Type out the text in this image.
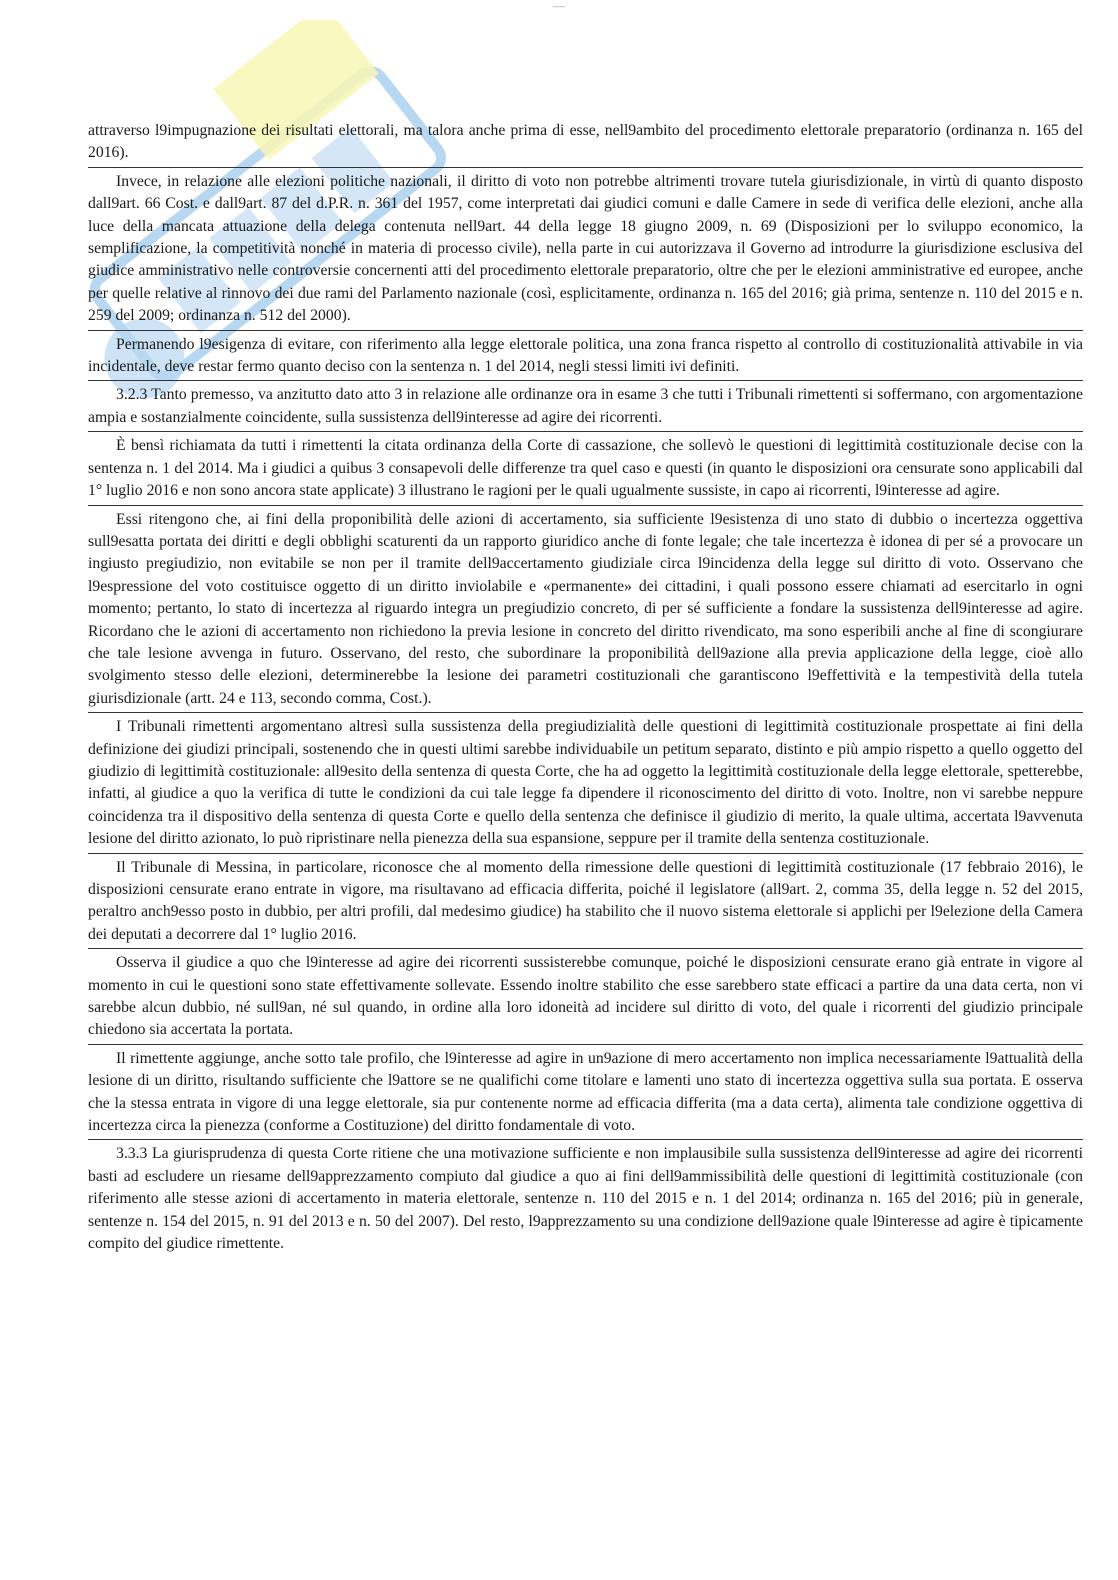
----

attraverso l9impugnazione dei risultati elettorali, ma talora anche prima di esse, nell9ambito del procedimento elettorale preparatorio (ordinanza n. 165 del 2016).

Invece, in relazione alle elezioni politiche nazionali, il diritto di voto non potrebbe altrimenti trovare tutela giurisdizionale, in virtù di quanto disposto dall9art. 66 Cost. e dall9art. 87 del d.P.R. n. 361 del 1957, come interpretati dai giudici comuni e dalle Camere in sede di verifica delle elezioni, anche alla luce della mancata attuazione della delega contenuta nell9art. 44 della legge 18 giugno 2009, n. 69 (Disposizioni per lo sviluppo economico, la semplificazione, la competitività nonché in materia di processo civile), nella parte in cui autorizzava il Governo ad introdurre la giurisdizione esclusiva del giudice amministrativo nelle controversie concernenti atti del procedimento elettorale preparatorio, oltre che per le elezioni amministrative ed europee, anche per quelle relative al rinnovo dei due rami del Parlamento nazionale (così, esplicitamente, ordinanza n. 165 del 2016; già prima, sentenze n. 110 del 2015 e n. 259 del 2009; ordinanza n. 512 del 2000).

Permanendo l9esigenza di evitare, con riferimento alla legge elettorale politica, una zona franca rispetto al controllo di costituzionalità attivabile in via incidentale, deve restar fermo quanto deciso con la sentenza n. 1 del 2014, negli stessi limiti ivi definiti.

3.2.3 Tanto premesso, va anzitutto dato atto 3 in relazione alle ordinanze ora in esame 3 che tutti i Tribunali rimettenti si soffermano, con argomentazione ampia e sostanzialmente coincidente, sulla sussistenza dell9interesse ad agire dei ricorrenti.

È bensì richiamata da tutti i rimettenti la citata ordinanza della Corte di cassazione, che sollevò le questioni di legittimità costituzionale decise con la sentenza n. 1 del 2014. Ma i giudici a quibus 3 consapevoli delle differenze tra quel caso e questi (in quanto le disposizioni ora censurate sono applicabili dal 1° luglio 2016 e non sono ancora state applicate) 3 illustrano le ragioni per le quali ugualmente sussiste, in capo ai ricorrenti, l9interesse ad agire.

Essi ritengono che, ai fini della proponibilità delle azioni di accertamento, sia sufficiente l9esistenza di uno stato di dubbio o incertezza oggettiva sull9esatta portata dei diritti e degli obblighi scaturenti da un rapporto giuridico anche di fonte legale; che tale incertezza è idonea di per sé a provocare un ingiusto pregiudizio, non evitabile se non per il tramite dell9accertamento giudiziale circa l9incidenza della legge sul diritto di voto. Osservano che l9espressione del voto costituisce oggetto di un diritto inviolabile e «permanente» dei cittadini, i quali possono essere chiamati ad esercitarlo in ogni momento; pertanto, lo stato di incertezza al riguardo integra un pregiudizio concreto, di per sé sufficiente a fondare la sussistenza dell9interesse ad agire. Ricordano che le azioni di accertamento non richiedono la previa lesione in concreto del diritto rivendicato, ma sono esperibili anche al fine di scongiurare che tale lesione avvenga in futuro. Osservano, del resto, che subordinare la proponibilità dell9azione alla previa applicazione della legge, cioè allo svolgimento stesso delle elezioni, determinerebbe la lesione dei parametri costituzionali che garantiscono l9effettività e la tempestività della tutela giurisdizionale (artt. 24 e 113, secondo comma, Cost.).

I Tribunali rimettenti argomentano altresì sulla sussistenza della pregiudizialità delle questioni di legittimità costituzionale prospettate ai fini della definizione dei giudizi principali, sostenendo che in questi ultimi sarebbe individuabile un petitum separato, distinto e più ampio rispetto a quello oggetto del giudizio di legittimità costituzionale: all9esito della sentenza di questa Corte, che ha ad oggetto la legittimità costituzionale della legge elettorale, spetterebbe, infatti, al giudice a quo la verifica di tutte le condizioni da cui tale legge fa dipendere il riconoscimento del diritto di voto. Inoltre, non vi sarebbe neppure coincidenza tra il dispositivo della sentenza di questa Corte e quello della sentenza che definisce il giudizio di merito, la quale ultima, accertata l9avvenuta lesione del diritto azionato, lo può ripristinare nella pienezza della sua espansione, seppure per il tramite della sentenza costituzionale.

Il Tribunale di Messina, in particolare, riconosce che al momento della rimessione delle questioni di legittimità costituzionale (17 febbraio 2016), le disposizioni censurate erano entrate in vigore, ma risultavano ad efficacia differita, poiché il legislatore (all9art. 2, comma 35, della legge n. 52 del 2015, peraltro anch9esso posto in dubbio, per altri profili, dal medesimo giudice) ha stabilito che il nuovo sistema elettorale si applichi per l9elezione della Camera dei deputati a decorrere dal 1° luglio 2016.

Osserva il giudice a quo che l9interesse ad agire dei ricorrenti sussisterebbe comunque, poiché le disposizioni censurate erano già entrate in vigore al momento in cui le questioni sono state effettivamente sollevate. Essendo inoltre stabilito che esse sarebbero state efficaci a partire da una data certa, non vi sarebbe alcun dubbio, né sull9an, né sul quando, in ordine alla loro idoneità ad incidere sul diritto di voto, del quale i ricorrenti del giudizio principale chiedono sia accertata la portata.

Il rimettente aggiunge, anche sotto tale profilo, che l9interesse ad agire in un9azione di mero accertamento non implica necessariamente l9attualità della lesione di un diritto, risultando sufficiente che l9attore se ne qualifichi come titolare e lamenti uno stato di incertezza oggettiva sulla sua portata. E osserva che la stessa entrata in vigore di una legge elettorale, sia pur contenente norme ad efficacia differita (ma a data certa), alimenta tale condizione oggettiva di incertezza circa la pienezza (conforme a Costituzione) del diritto fondamentale di voto.

3.3.3 La giurisprudenza di questa Corte ritiene che una motivazione sufficiente e non implausibile sulla sussistenza dell9interesse ad agire dei ricorrenti basti ad escludere un riesame dell9apprezzamento compiuto dal giudice a quo ai fini dell9ammissibilità delle questioni di legittimità costituzionale (con riferimento alle stesse azioni di accertamento in materia elettorale, sentenze n. 110 del 2015 e n. 1 del 2014; ordinanza n. 165 del 2016; più in generale, sentenze n. 154 del 2015, n. 91 del 2013 e n. 50 del 2007). Del resto, l9apprezzamento su una condizione dell9azione quale l9interesse ad agire è tipicamente compito del giudice rimettente.
